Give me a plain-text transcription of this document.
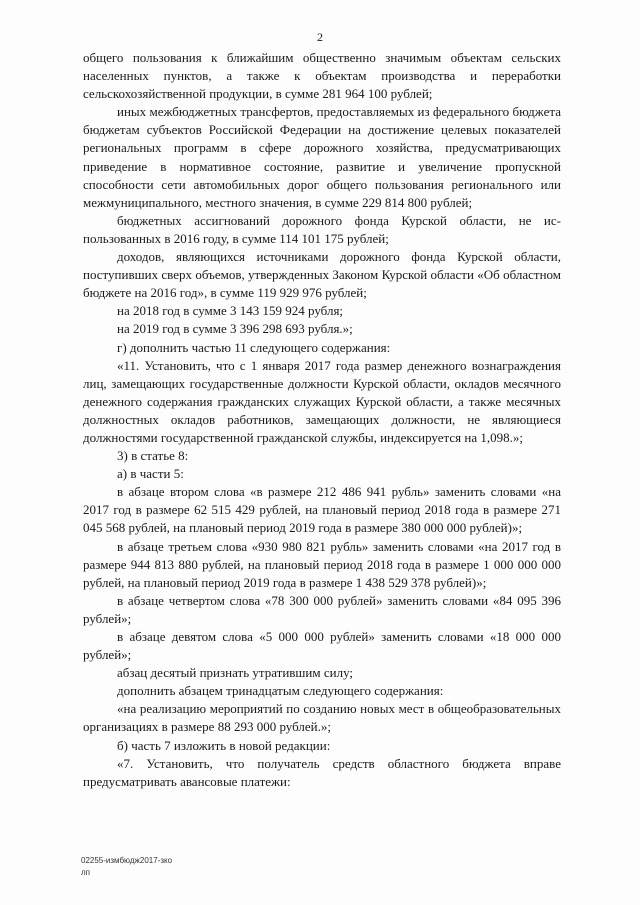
2

общего пользования к ближайшим общественно значимым объектам сельских населенных пунктов, а также к объектам производства и переработки сельскохозяйственной продукции, в сумме 281 964 100 рублей;

иных межбюджетных трансфертов, предоставляемых из федерального бюджета бюджетам субъектов Российской Федерации на достижение целевых показателей региональных программ в сфере дорожного хозяйства, предусматривающих приведение в нормативное состояние, развитие и увеличение пропускной способности сети автомобильных дорог общего пользования регионального или межмуниципального, местного значения, в сумме 229 814 800 рублей;

бюджетных ассигнований дорожного фонда Курской области, не использованных в 2016 году, в сумме 114 101 175 рублей;

доходов, являющихся источниками дорожного фонда Курской области, поступивших сверх объемов, утвержденных Законом Курской области «Об областном бюджете на 2016 год», в сумме 119 929 976 рублей;

на 2018 год в сумме 3 143 159 924 рубля;

на 2019 год в сумме 3 396 298 693 рубля.»;

г) дополнить частью 11 следующего содержания:

«11. Установить, что с 1 января 2017 года размер денежного вознаграждения лиц, замещающих государственные должности Курской области, окладов месячного денежного содержания гражданских служащих Курской области, а также месячных должностных окладов работников, замещающих должности, не являющиеся должностями государственной гражданской службы, индексируется на 1,098.»;

3) в статье 8:

а) в части 5:

в абзаце втором слова «в размере 212 486 941 рубль» заменить словами «на 2017 год в размере 62 515 429 рублей, на плановый период 2018 года в размере 271 045 568 рублей, на плановый период 2019 года в размере 380 000 000 рублей)»;

в абзаце третьем слова «930 980 821 рубль» заменить словами «на 2017 год в размере 944 813 880 рублей, на плановый период 2018 года в размере 1 000 000 000 рублей, на плановый период 2019 года в размере 1 438 529 378 рублей)»;

в абзаце четвертом слова «78 300 000 рублей» заменить словами «84 095 396 рублей»;

в абзаце девятом слова «5 000 000 рублей» заменить словами «18 000 000 рублей»;

абзац десятый признать утратившим силу;

дополнить абзацем тринадцатым следующего содержания:

«на реализацию мероприятий по созданию новых мест в общеобразовательных организациях в размере 88 293 000 рублей.»;

б) часть 7 изложить в новой редакции:

«7. Установить, что получатель средств областного бюджета вправе предусматривать авансовые платежи:

02255-измбюдж2017-зко
лп
